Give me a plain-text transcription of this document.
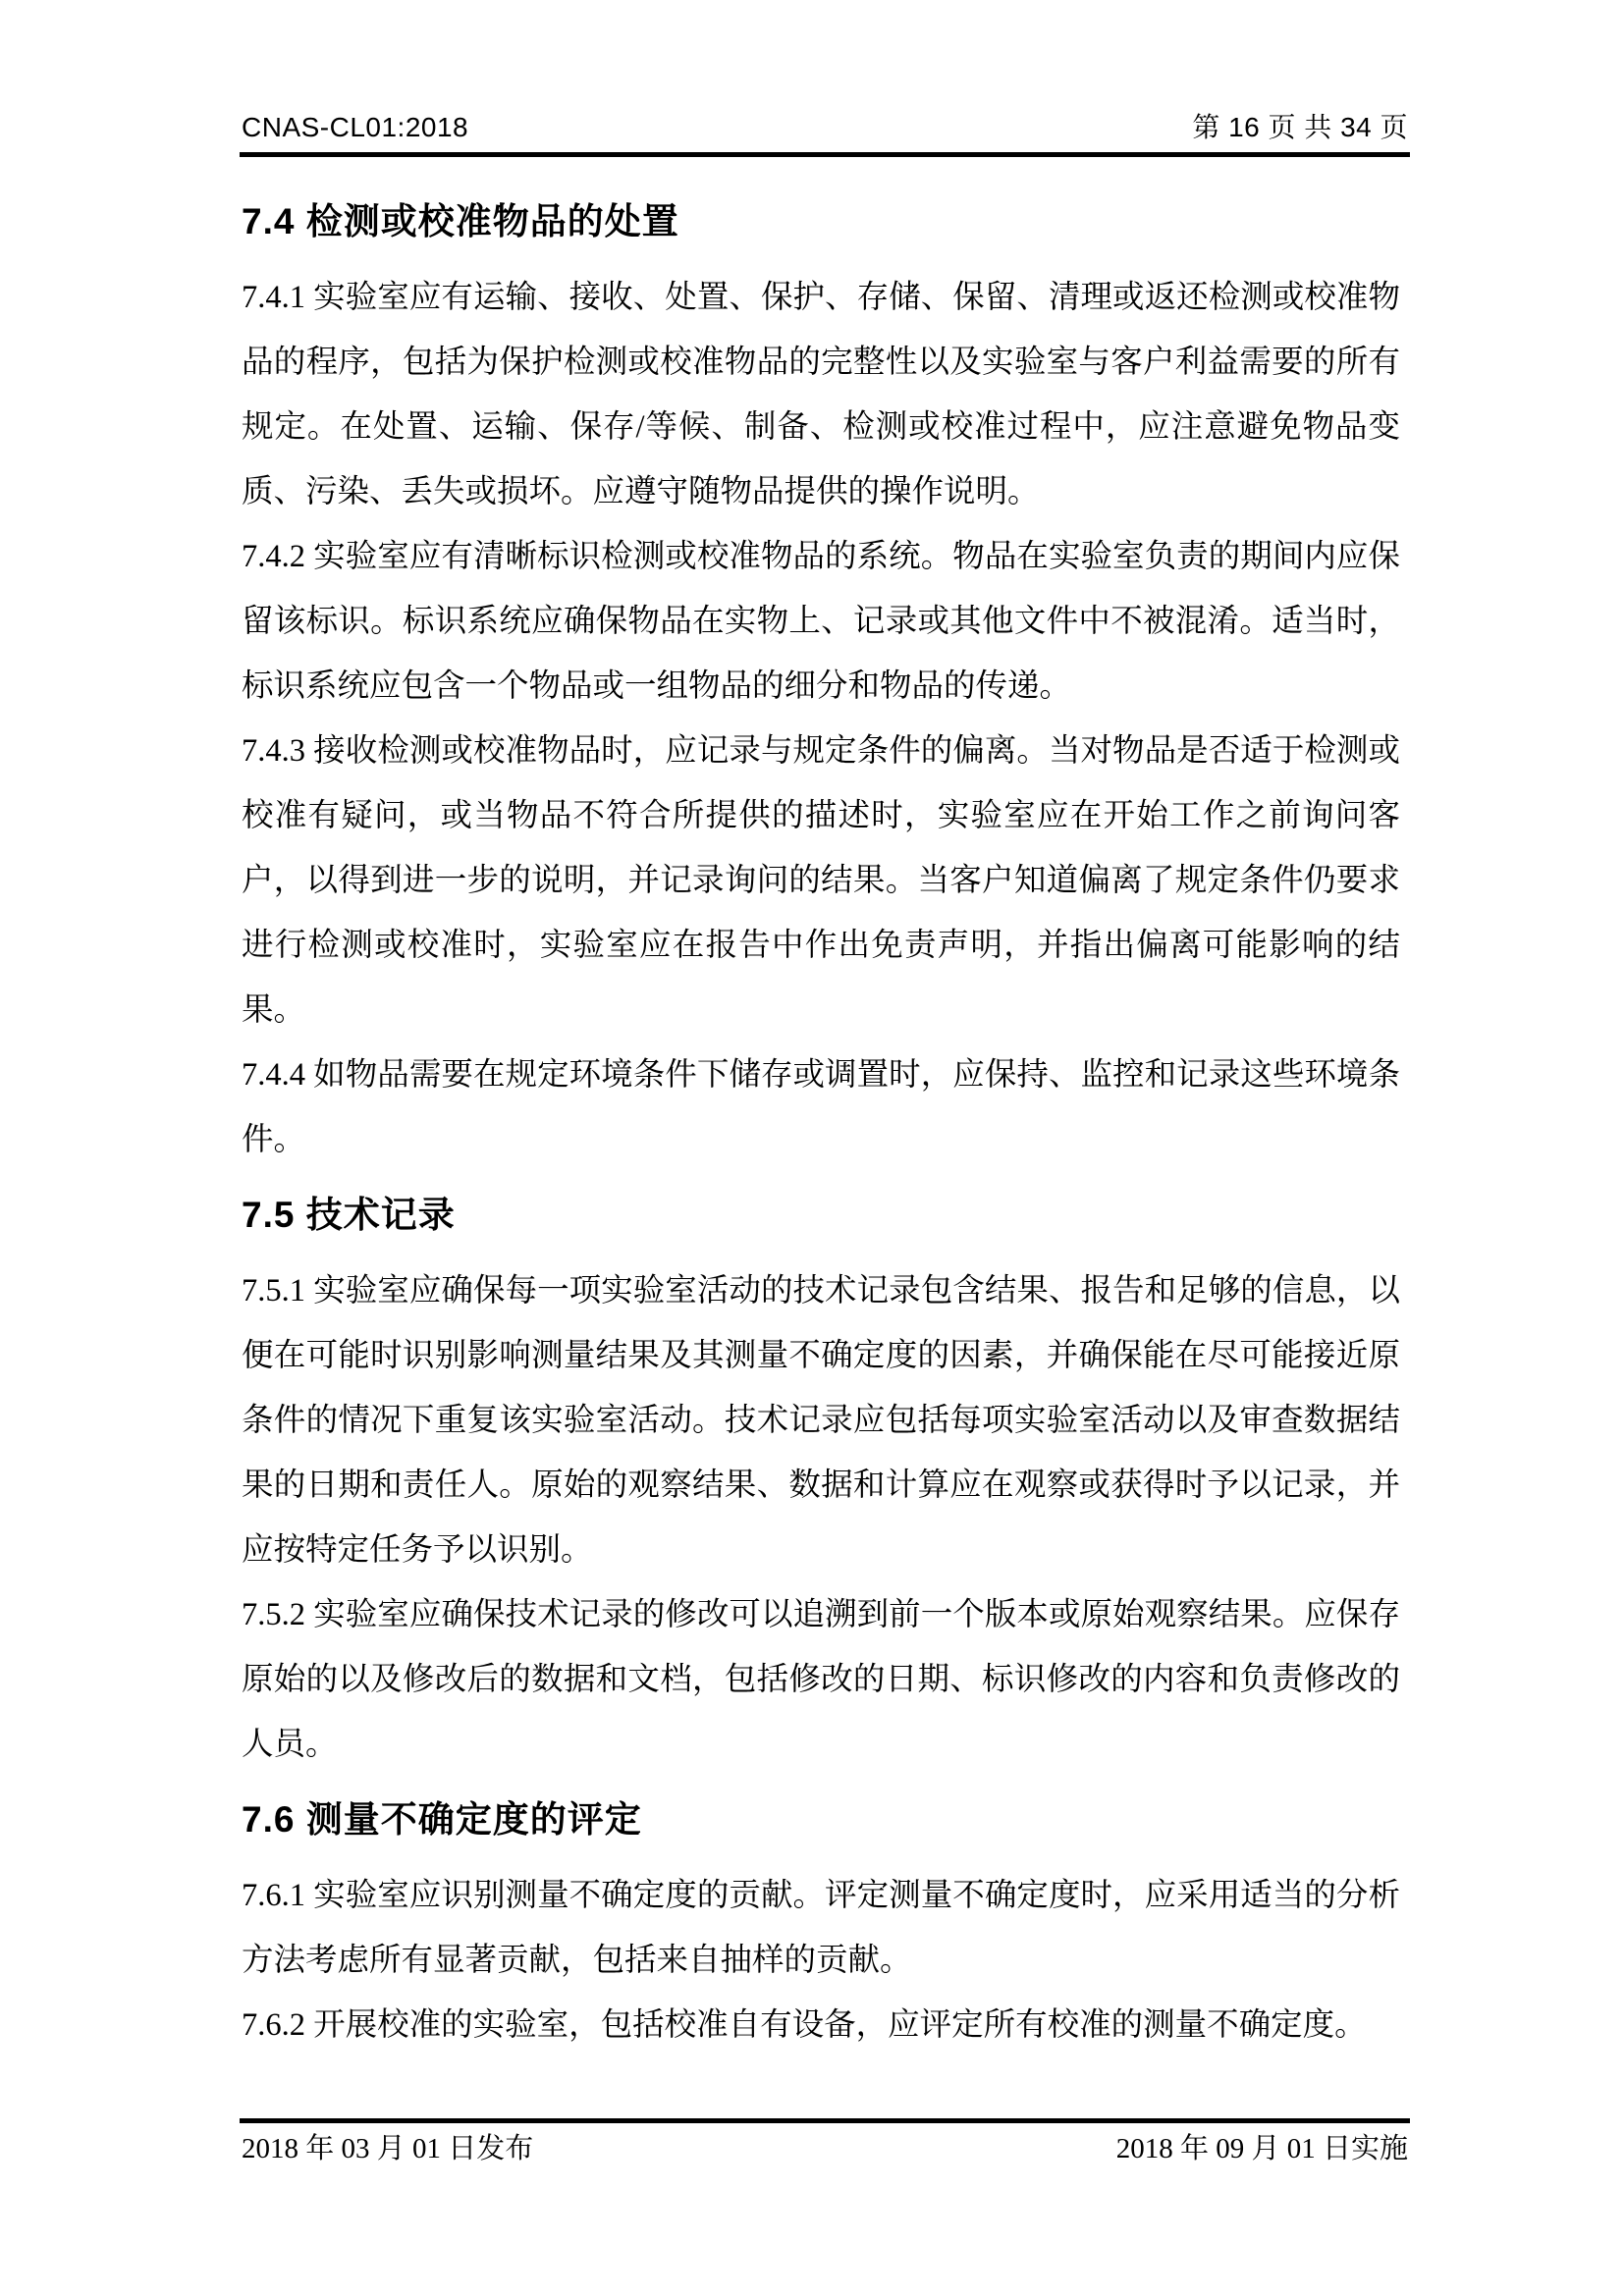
CNAS-CL01:2018	第 16 页 共 34 页
7.4 检测或校准物品的处置

7.4.1 实验室应有运输、接收、处置、保护、存储、保留、清理或返还检测或校准物品的程序，包括为保护检测或校准物品的完整性以及实验室与客户利益需要的所有规定。在处置、运输、保存/等候、制备、检测或校准过程中，应注意避免物品变质、污染、丢失或损坏。应遵守随物品提供的操作说明。

7.4.2 实验室应有清晰标识检测或校准物品的系统。物品在实验室负责的期间内应保留该标识。标识系统应确保物品在实物上、记录或其他文件中不被混淆。适当时，标识系统应包含一个物品或一组物品的细分和物品的传递。

7.4.3 接收检测或校准物品时，应记录与规定条件的偏离。当对物品是否适于检测或校准有疑问，或当物品不符合所提供的描述时，实验室应在开始工作之前询问客户，以得到进一步的说明，并记录询问的结果。当客户知道偏离了规定条件仍要求进行检测或校准时，实验室应在报告中作出免责声明，并指出偏离可能影响的结果。

7.4.4 如物品需要在规定环境条件下储存或调置时，应保持、监控和记录这些环境条件。

7.5 技术记录

7.5.1 实验室应确保每一项实验室活动的技术记录包含结果、报告和足够的信息，以便在可能时识别影响测量结果及其测量不确定度的因素，并确保能在尽可能接近原条件的情况下重复该实验室活动。技术记录应包括每项实验室活动以及审查数据结果的日期和责任人。原始的观察结果、数据和计算应在观察或获得时予以记录，并应按特定任务予以识别。

7.5.2 实验室应确保技术记录的修改可以追溯到前一个版本或原始观察结果。应保存原始的以及修改后的数据和文档，包括修改的日期、标识修改的内容和负责修改的人员。

7.6 测量不确定度的评定

7.6.1 实验室应识别测量不确定度的贡献。评定测量不确定度时，应采用适当的分析方法考虑所有显著贡献，包括来自抽样的贡献。

7.6.2 开展校准的实验室，包括校准自有设备，应评定所有校准的测量不确定度。

2018 年 03 月 01 日发布	2018 年 09 月 01 日实施
